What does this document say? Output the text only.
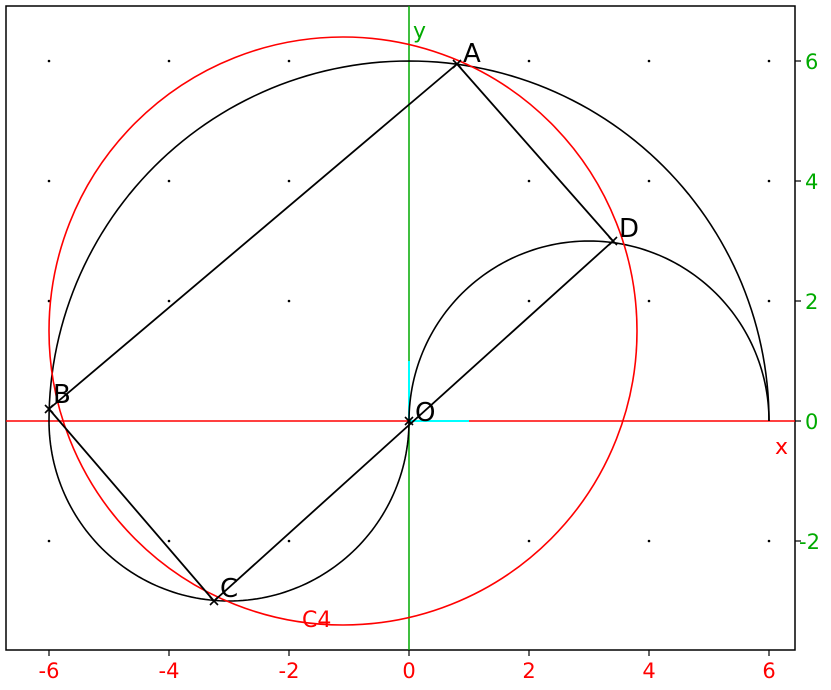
x
y
-6	-4	-2	0	2	4	6
6
4
2
0
-2
C4
A
B
C
D
O
